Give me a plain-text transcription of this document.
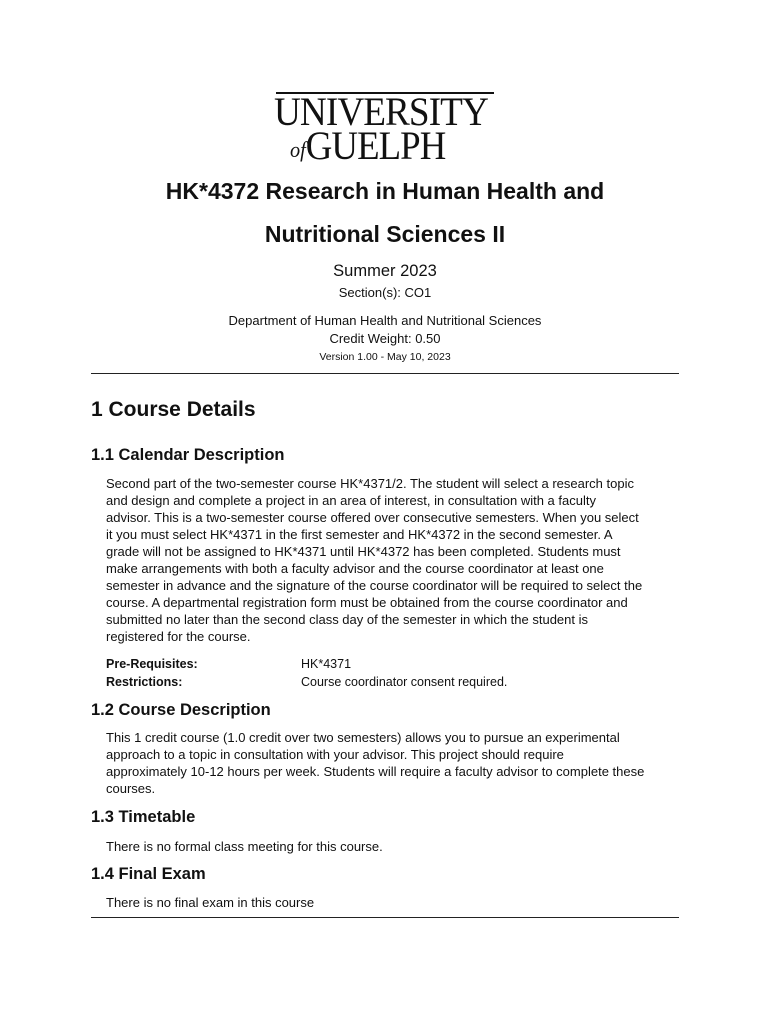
UNIVERSITY
ofGUELPH
HK*4372 Research in Human Health and
Nutritional Sciences II
Summer 2023
Section(s): CO1
Department of Human Health and Nutritional Sciences
Credit Weight: 0.50
Version 1.00 - May 10, 2023
1 Course Details
1.1 Calendar Description

Second part of the two-semester course HK*4371/2. The student will select a research topic

and design and complete a project in an area of interest, in consultation with a faculty

advisor. This is a two-semester course offered over consecutive semesters. When you select

it you must select HK*4371 in the first semester and HK*4372 in the second semester. A

grade will not be assigned to HK*4371 until HK*4372 has been completed. Students must

make arrangements with both a faculty advisor and the course coordinator at least one

semester in advance and the signature of the course coordinator will be required to select the

course. A departmental registration form must be obtained from the course coordinator and

submitted no later than the second class day of the semester in which the student is

registered for the course.

Pre-Requisites:	HK*4371
Restrictions:	Course coordinator consent required.
1.2 Course Description

This 1 credit course (1.0 credit over two semesters) allows you to pursue an experimental

approach to a topic in consultation with your advisor. This project should require

approximately 10-12 hours per week. Students will require a faculty advisor to complete these

courses.

1.3 Timetable

There is no formal class meeting for this course.

1.4 Final Exam

There is no final exam in this course
